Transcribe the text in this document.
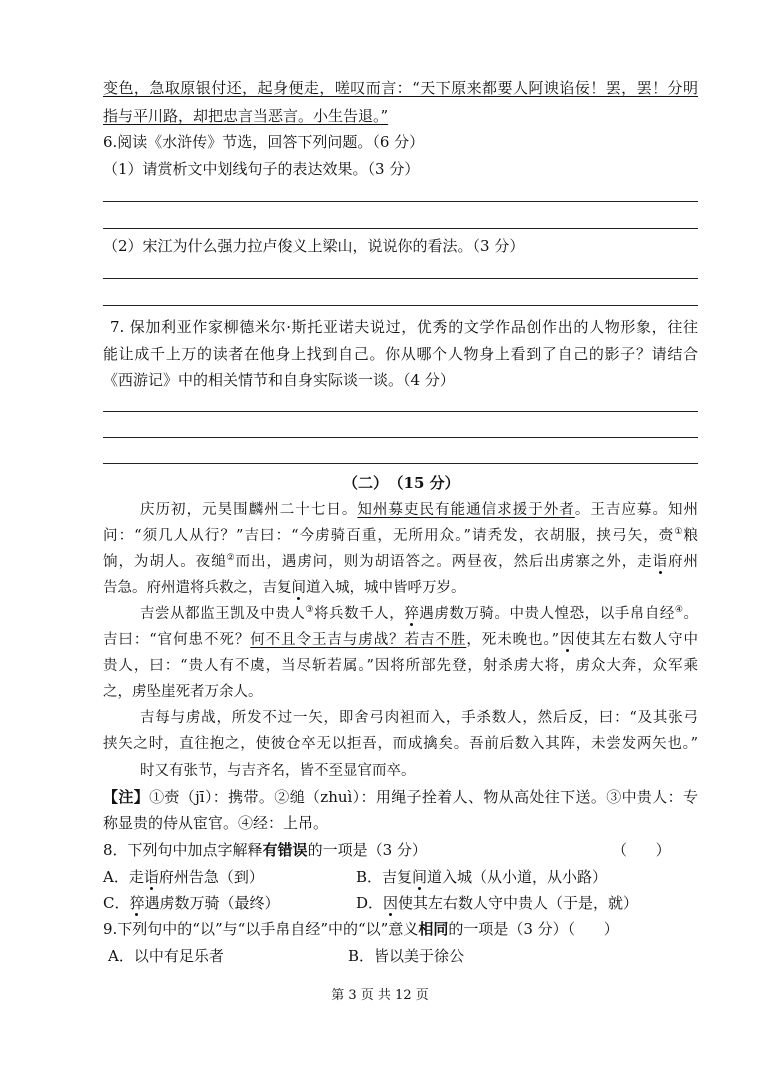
变色，急取原银付还，起身便走，嗟叹而言：“天下原来都要人阿谀谄佞！罢，罢！分明
指与平川路，却把忠言当恶言。小生告退。”
6.阅读《水浒传》节选，回答下列问题。（6 分）
（1）请赏析文中划线句子的表达效果。（3 分）
（2）宋江为什么强力拉卢俊义上梁山，说说你的看法。（3 分）
7. 保加利亚作家柳德米尔·斯托亚诺夫说过，优秀的文学作品创作出的人物形象，往往
能让成千上万的读者在他身上找到自己。你从哪个人物身上看到了自己的影子？请结合
《西游记》中的相关情节和自身实际谈一谈。（4 分）
（二） （15 分）
庆历初，元昊围麟州二十七日。知州募吏民有能通信求援于外者。王吉应募。知州
问：“须几人从行？”吉曰：“今虏骑百重，无所用众。”请秃发，衣胡服，挟弓矢，赍①粮
饷，为胡人。夜缒②而出，遇虏问，则为胡语答之。两昼夜，然后出虏寨之外，走诣府州
告急。府州遣将兵救之，吉复间道入城，城中皆呼万岁。
吉尝从都监王凯及中贵人③将兵数千人，猝遇虏数万骑。中贵人惶恐，以手帛自经④。
吉曰：“官何患不死？何不且令王吉与虏战？若吉不胜，死未晚也。”因使其左右数人守中
贵人，曰：“贵人有不虞，当尽斩若属。”因将所部先登，射杀虏大将，虏众大奔，众军乘
之，虏坠崖死者万余人。
吉每与虏战，所发不过一矢，即舍弓肉袒而入，手杀数人，然后反，曰：“及其张弓
挟矢之时，直往抱之，使彼仓卒无以拒吾，而成擒矣。吾前后数入其阵，未尝发两矢也。”
时又有张节，与吉齐名，皆不至显官而卒。
【注】①赍（jī）：携带。②缒（zhuì）：用绳子拴着人、物从高处往下送。③中贵人：专
称显贵的侍从宦官。④经：上吊。
8．下列句中加点字解释有错误的一项是（3 分）	（      ）
A．走诣府州告急（到）	B．吉复间道入城（从小道，从小路）
C．猝遇虏数万骑（最终）	D．因使其左右数人守中贵人（于是，就）
9.下列句中的“以”与“以手帛自经”中的“以”意义相同的一项是（3 分）（      ）
A．以中有足乐者	B．皆以美于徐公
第 3 页 共 12 页
